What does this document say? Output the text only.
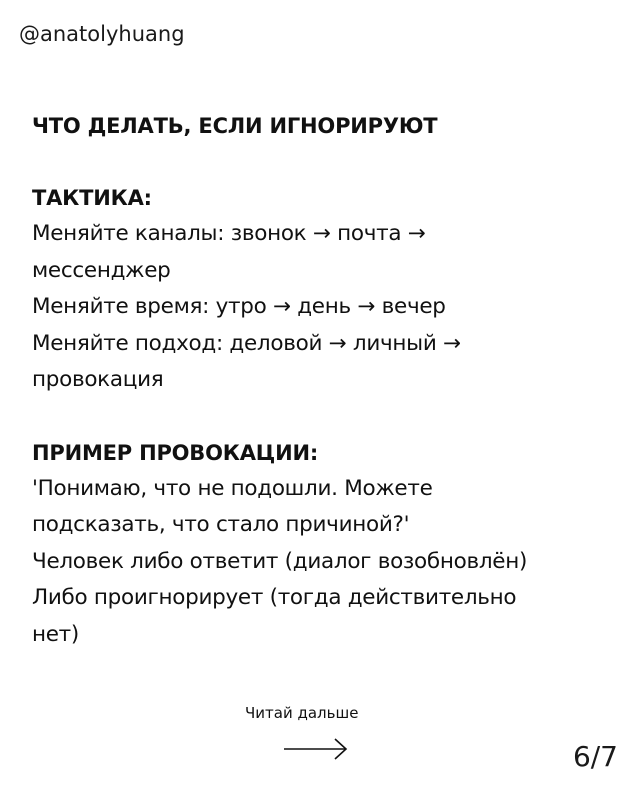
@anatolyhuang
ЧТО ДЕЛАТЬ, ЕСЛИ ИГНОРИРУЮТ
ТАКТИКА:

Меняйте каналы: звонок → почта →

мессенджер

Меняйте время: утро → день → вечер

Меняйте подход: деловой → личный →

провокация

ПРИМЕР ПРОВОКАЦИИ:

'Понимаю, что не подошли. Можете

подсказать, что стало причиной?'

Человек либо ответит (диалог возобновлён)

Либо проигнорирует (тогда действительно

нет)

Читай дальше
6/7
